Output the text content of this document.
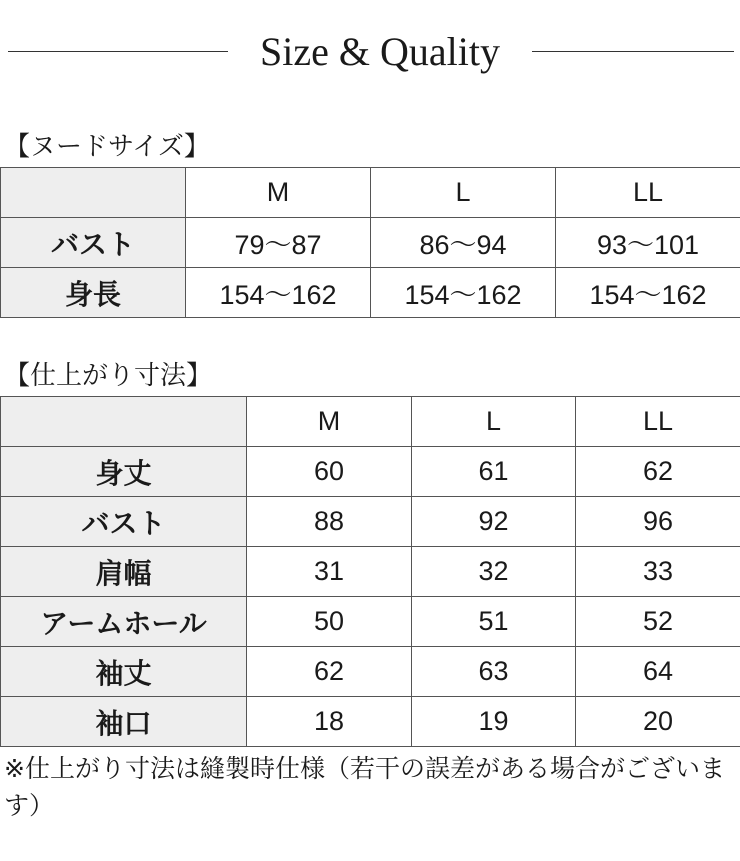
Size & Quality
【ヌードサイズ】
	M	L	LL
バスト	79〜87	86〜94	93〜101
身長	154〜162	154〜162	154〜162
【仕上がり寸法】
	M	L	LL
身丈	60	61	62
バスト	88	92	96
肩幅	31	32	33
アームホール	50	51	52
袖丈	62	63	64
袖口	18	19	20
※仕上がり寸法は縫製時仕様（若干の誤差がある場合がございます）
